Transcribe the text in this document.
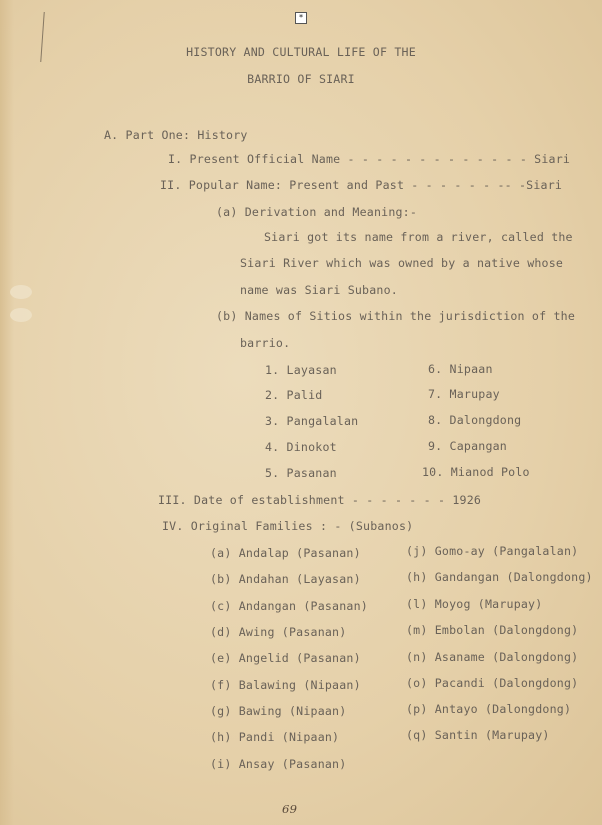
*
HISTORY AND CULTURAL LIFE OF THE
BARRIO OF SIARI
A. Part One: History
I. Present Official Name - - - - - - - - - - - - - Siari
II. Popular Name: Present and Past - - - - - - -- -Siari
(a) Derivation and Meaning:-
Siari got its name from a river, called the
Siari River which was owned by a native whose
name was Siari Subano.
(b) Names of Sitios within the jurisdiction of the
barrio.
1. Layasan
2. Palid
3. Pangalalan
4. Dinokot
5. Pasanan
6. Nipaan
7. Marupay
8. Dalongdong
9. Capangan
10. Mianod Polo
III. Date of establishment - - - - - - - 1926
IV. Original Families : - (Subanos)
(a) Andalap (Pasanan)
(b) Andahan (Layasan)
(c) Andangan (Pasanan)
(d) Awing (Pasanan)
(e) Angelid (Pasanan)
(f) Balawing (Nipaan)
(g) Bawing (Nipaan)
(h) Pandi (Nipaan)
(i) Ansay (Pasanan)
(j) Gomo-ay (Pangalalan)
(h) Gandangan (Dalongdong)
(l) Moyog (Marupay)
(m) Embolan (Dalongdong)
(n) Asaname (Dalongdong)
(o) Pacandi (Dalongdong)
(p) Antayo (Dalongdong)
(q) Santin (Marupay)
69
